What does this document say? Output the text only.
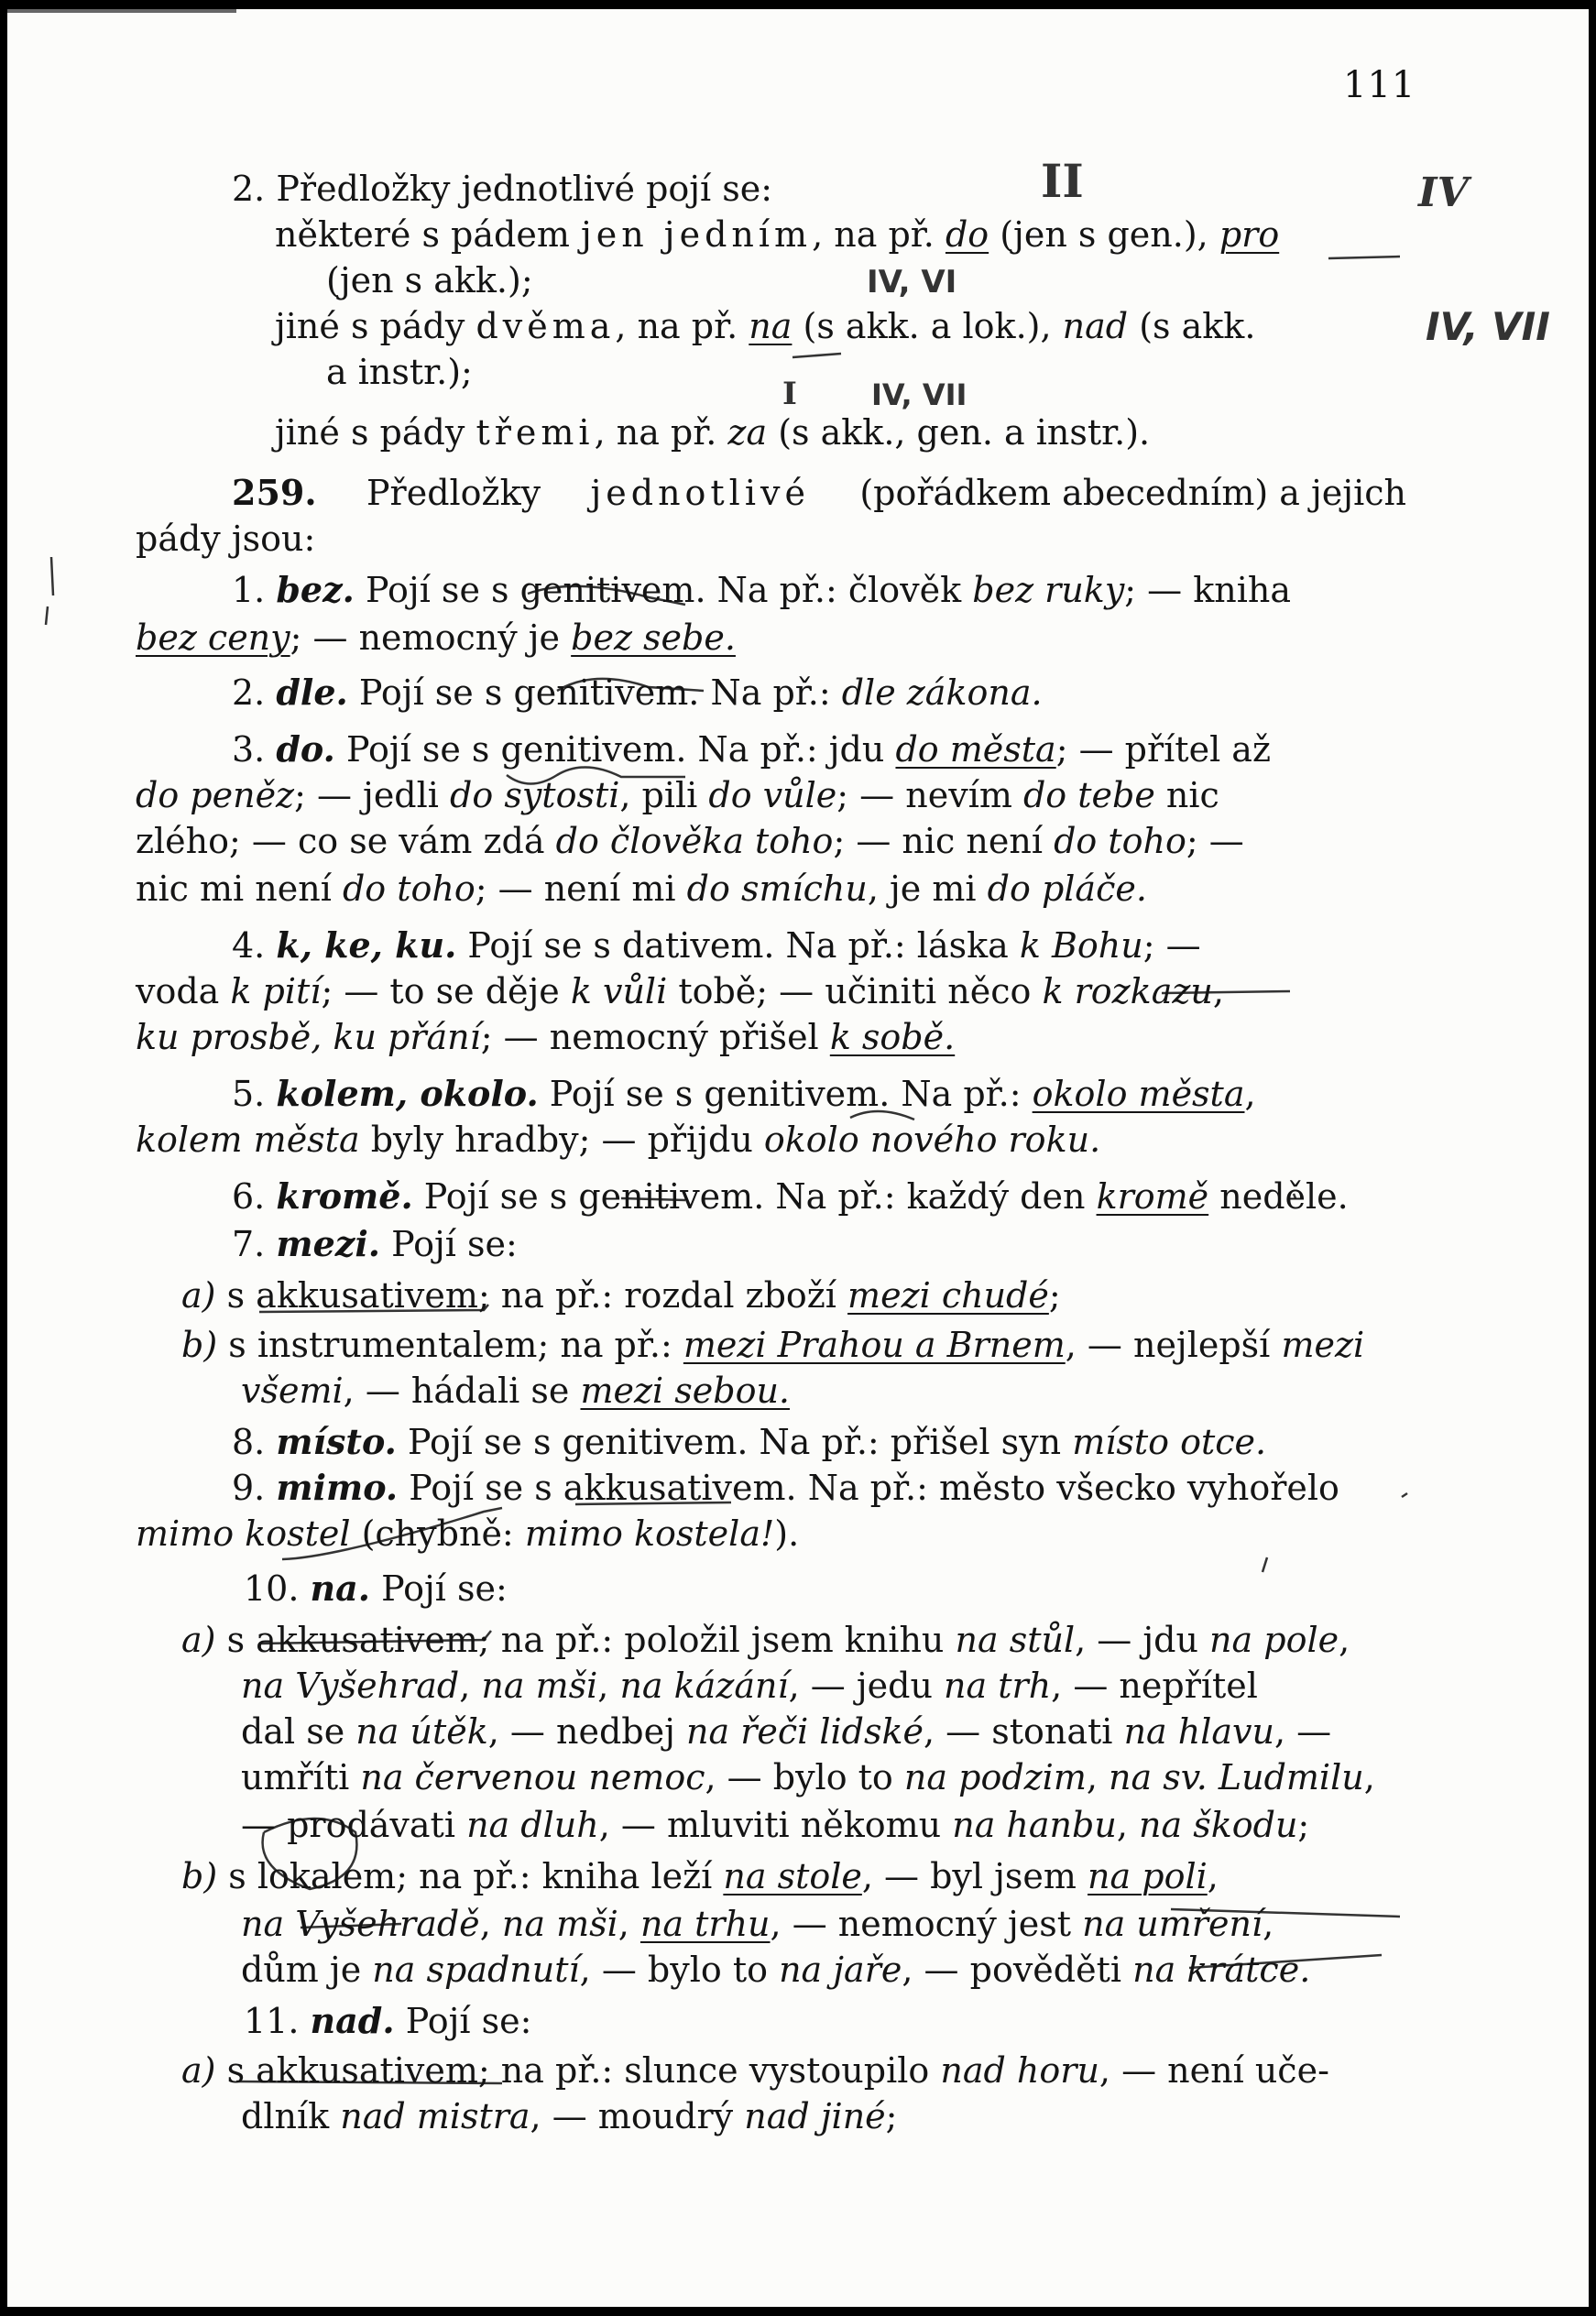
111
II	IV
IV, VI
IV, VII
I	IV, VII
2. Předložky jednotlivé pojí se:
některé s pádem jen jedním, na př. do (jen s gen.), pro
(jen s akk.);
jiné s pády dvěma, na př. na (s akk. a lok.), nad (s akk.
a instr.);
jiné s pády třemi, na př. za (s akk., gen. a instr.).
259. Předložky jednotlivé (pořádkem abecedním) a jejich
pády jsou:
1. bez. Pojí se s genitivem. Na př.: člověk bez ruky; — kniha
bez ceny; — nemocný je bez sebe.
2. dle. Pojí se s genitivem. Na př.: dle zákona.
3. do. Pojí se s genitivem. Na př.: jdu do města; — přítel až
do peněz; — jedli do sytosti, pili do vůle; — nevím do tebe nic
zlého; — co se vám zdá do člověka toho; — nic není do toho; —
nic mi není do toho; — není mi do smíchu, je mi do pláče.
4. k, ke, ku. Pojí se s dativem. Na př.: láska k Bohu; —
voda k pití; — to se děje k vůli tobě; — učiniti něco k rozkazu,
ku prosbě, ku přání; — nemocný přišel k sobě.
5. kolem, okolo. Pojí se s genitivem. Na př.: okolo města,
kolem města byly hradby; — přijdu okolo nového roku.
6. kromě. Pojí se s genitivem. Na př.: každý den kromě neděle.
7. mezi. Pojí se:
a) s akkusativem; na př.: rozdal zboží mezi chudé;
b) s instrumentalem; na př.: mezi Prahou a Brnem, — nejlepší mezi
všemi, — hádali se mezi sebou.
8. místo. Pojí se s genitivem. Na př.: přišel syn místo otce.
9. mimo. Pojí se s akkusativem. Na př.: město všecko vyhořelo
mimo kostel (chybně: mimo kostela!).
10. na. Pojí se:
a) s akkusativem; na př.: položil jsem knihu na stůl, — jdu na pole,
na Vyšehrad, na mši, na kázání, — jedu na trh, — nepřítel
dal se na útěk, — nedbej na řeči lidské, — stonati na hlavu, —
umříti na červenou nemoc, — bylo to na podzim, na sv. Ludmilu,
— prodávati na dluh, — mluviti někomu na hanbu, na škodu;
b) s lokalem; na př.: kniha leží na stole, — byl jsem na poli,
na Vyšehradě, na mši, na trhu, — nemocný jest na umření,
dům je na spadnutí, — bylo to na jaře, — pověděti na krátce.
11. nad. Pojí se:
a) s akkusativem; na př.: slunce vystoupilo nad horu, — není uče-
dlník nad mistra, — moudrý nad jiné;
